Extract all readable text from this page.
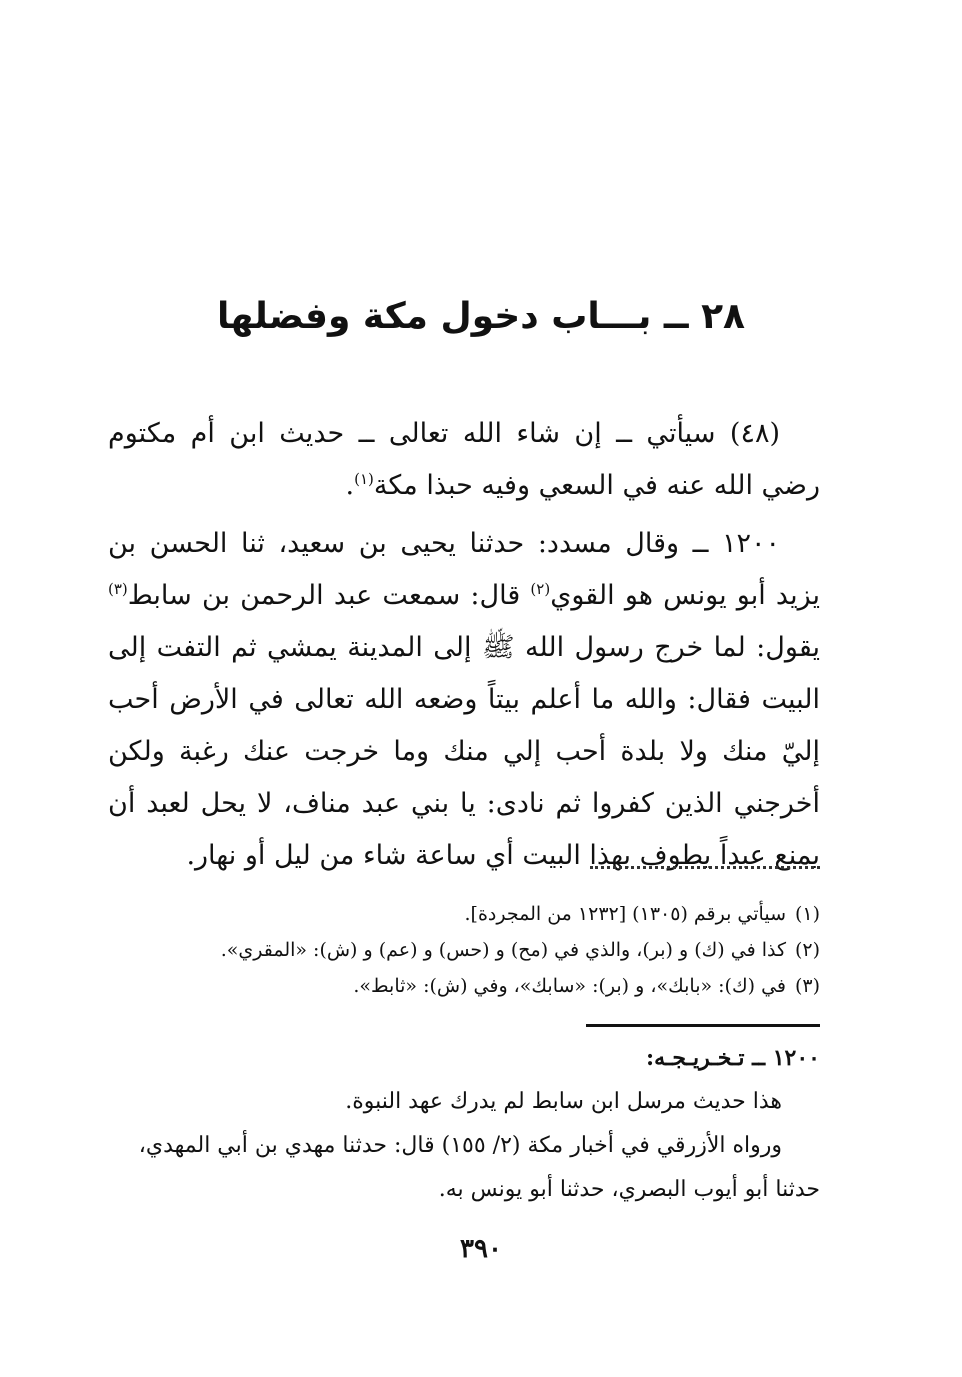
٢٨ ــ بـــاب دخول مكة وفضلها

(٤٨) سيأتي ــ إن شاء الله تعالى ــ حديث ابن أم مكتوم رضي الله عنه في السعي وفيه حبذا مكة$^{(١)}$.

١٢٠٠ ــ وقال مسدد: حدثنا يحيى بن سعيد، ثنا الحسن بن يزيد أبو يونس هو القوي$^{(٢)}$ قال: سمعت عبد الرحمن بن سابط$^{(٣)}$ يقول: لما خرج رسول الله ﷺ إلى المدينة يمشي ثم التفت إلى البيت فقال: والله ما أعلم بيتاً وضعه الله تعالى في الأرض أحب إليّ منك ولا بلدة أحب إلي منك وما خرجت عنك رغبة ولكن أخرجني الذين كفروا ثم نادى: يا بني عبد مناف، لا يحل لعبد أن يمنع عبداً يطوف بهذا البيت أي ساعة شاء من ليل أو نهار.

(١)سيأتي برقم (١٣٠٥) [١٢٣٢ من المجردة].
(٢)كذا في (ك) و (بر)، والذي في (مح) و (حس) و (عم) و (ش): «المقري».
(٣)في (ك): «بابك»، و (بر): «سابك»، وفي (ش): «ثابط».

١٢٠٠ ــ تـخـريـجـه:

هذا حديث مرسل ابن سابط لم يدرك عهد النبوة.

ورواه الأزرقي في أخبار مكة (٢/ ١٥٥) قال: حدثنا مهدي بن أبي المهدي، حدثنا أبو أيوب البصري، حدثنا أبو يونس به.

٣٩٠
